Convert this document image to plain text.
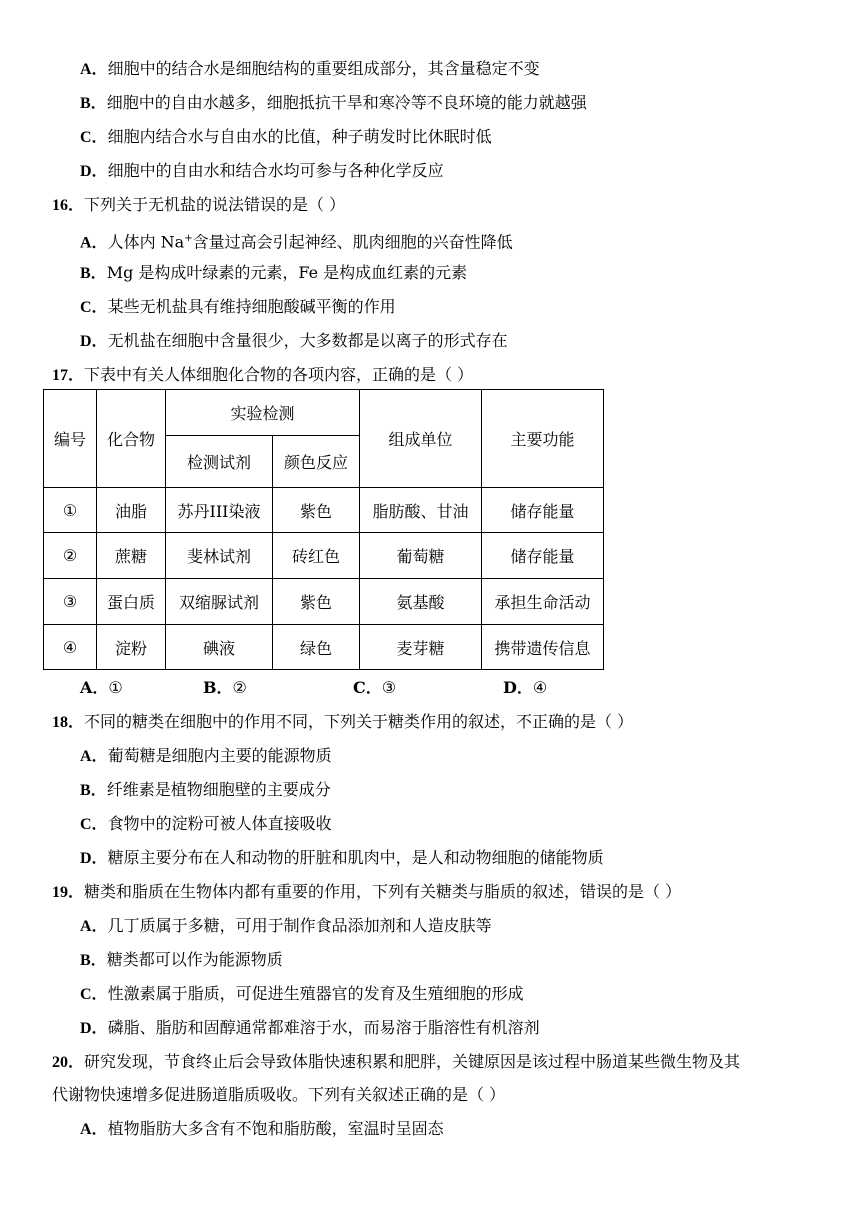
A．细胞中的结合水是细胞结构的重要组成部分，其含量稳定不变
B．细胞中的自由水越多，细胞抵抗干旱和寒冷等不良环境的能力就越强
C．细胞内结合水与自由水的比值，种子萌发时比休眠时低
D．细胞中的自由水和结合水均可参与各种化学反应
16．下列关于无机盐的说法错误的是（ ）
A．人体内 Na+含量过高会引起神经、肌肉细胞的兴奋性降低
B．Mg 是构成叶绿素的元素，Fe 是构成血红素的元素
C．某些无机盐具有维持细胞酸碱平衡的作用
D．无机盐在细胞中含量很少，大多数都是以离子的形式存在
17．下表中有关人体细胞化合物的各项内容，正确的是（ ）
编号	化合物	实验检测		组成单位	主要功能
		检测试剂	颜色反应		
①	油脂	苏丹III染液	紫色	脂肪酸、甘油	储存能量
②	蔗糖	斐林试剂	砖红色	葡萄糖	储存能量
③	蛋白质	双缩脲试剂	紫色	氨基酸	承担生命活动
④	淀粉	碘液	绿色	麦芽糖	携带遗传信息
A．①	B．②	C．③	D．④
18．不同的糖类在细胞中的作用不同，下列关于糖类作用的叙述，不正确的是（ ）
A．葡萄糖是细胞内主要的能源物质
B．纤维素是植物细胞壁的主要成分
C．食物中的淀粉可被人体直接吸收
D．糖原主要分布在人和动物的肝脏和肌肉中，是人和动物细胞的储能物质
19．糖类和脂质在生物体内都有重要的作用，下列有关糖类与脂质的叙述，错误的是（ ）
A．几丁质属于多糖，可用于制作食品添加剂和人造皮肤等
B．糖类都可以作为能源物质
C．性激素属于脂质，可促进生殖器官的发育及生殖细胞的形成
D．磷脂、脂肪和固醇通常都难溶于水，而易溶于脂溶性有机溶剂
20．研究发现，节食终止后会导致体脂快速积累和肥胖，关键原因是该过程中肠道某些微生物及其
代谢物快速增多促进肠道脂质吸收。下列有关叙述正确的是（ ）
A．植物脂肪大多含有不饱和脂肪酸，室温时呈固态
